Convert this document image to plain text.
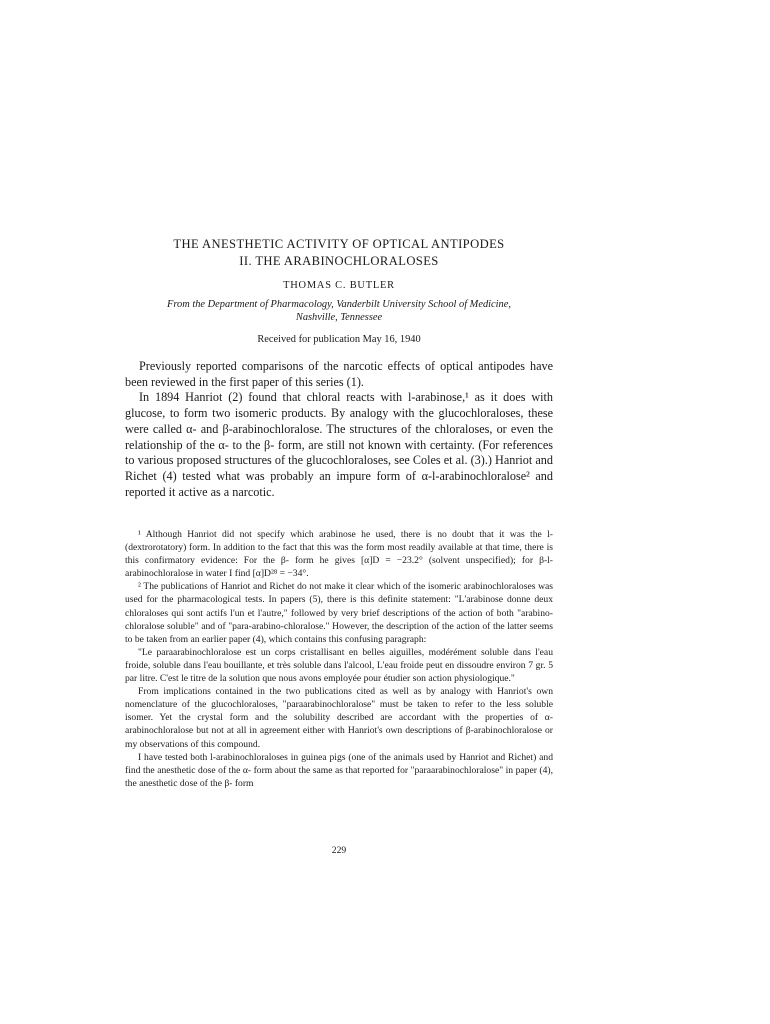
THE ANESTHETIC ACTIVITY OF OPTICAL ANTIPODES
II. THE ARABINOCHLORALOSES

THOMAS C. BUTLER

From the Department of Pharmacology, Vanderbilt University School of Medicine,
Nashville, Tennessee

Received for publication May 16, 1940

Previously reported comparisons of the narcotic effects of optical antipodes have been reviewed in the first paper of this series (1).

In 1894 Hanriot (2) found that chloral reacts with l-arabinose,¹ as it does with glucose, to form two isomeric products. By analogy with the glucochloraloses, these were called α- and β-arabinochloralose. The structures of the chloraloses, or even the relationship of the α- to the β- form, are still not known with certainty. (For references to various proposed structures of the glucochloraloses, see Coles et al. (3).) Hanriot and Richet (4) tested what was probably an impure form of α-l-arabinochloralose² and reported it active as a narcotic.

¹ Although Hanriot did not specify which arabinose he used, there is no doubt that it was the l- (dextrorotatory) form. In addition to the fact that this was the form most readily available at that time, there is this confirmatory evidence: For the β- form he gives [α]D = −23.2° (solvent unspecified); for β-l-arabinochloralose in water I find [α]D²⁸ = −34°.

² The publications of Hanriot and Richet do not make it clear which of the isomeric arabinochloraloses was used for the pharmacological tests. In papers (5), there is this definite statement: "L'arabinose donne deux chloraloses qui sont actifs l'un et l'autre," followed by very brief descriptions of the action of both "arabino-chloralose soluble" and of "para-arabino-chloralose." However, the description of the action of the latter seems to be taken from an earlier paper (4), which contains this confusing paragraph:

"Le paraarabinochloralose est un corps cristallisant en belles aiguilles, modérément soluble dans l'eau froide, soluble dans l'eau bouillante, et très soluble dans l'alcool, L'eau froide peut en dissoudre environ 7 gr. 5 par litre. C'est le titre de la solution que nous avons employée pour étudier son action physiologique."

From implications contained in the two publications cited as well as by analogy with Hanriot's own nomenclature of the glucochloraloses, "paraarabinochloralose" must be taken to refer to the less soluble isomer. Yet the crystal form and the solubility described are accordant with the properties of α-arabinochloralose but not at all in agreement either with Hanriot's own descriptions of β-arabinochloralose or my observations of this compound.

I have tested both l-arabinochloraloses in guinea pigs (one of the animals used by Hanriot and Richet) and find the anesthetic dose of the α- form about the same as that reported for "paraarabinochloralose" in paper (4), the anesthetic dose of the β- form

229
